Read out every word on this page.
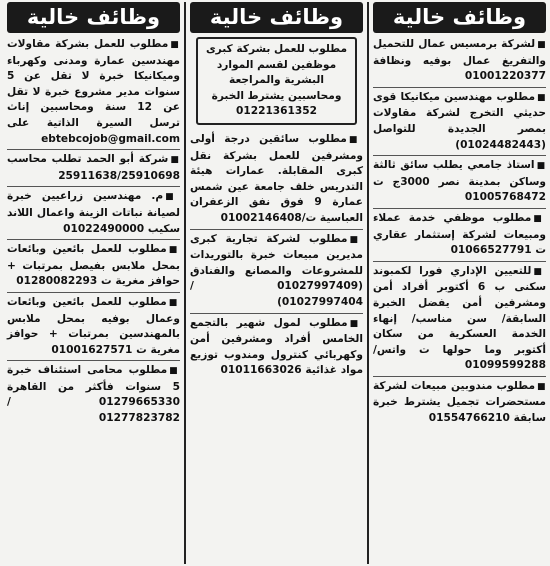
وظائف خالية
■لشركة برمسيس عمال للتحميل والتفريغ عمال بوفيه ونظافة 01001220377
■مطلوب مهندسين ميكانيكا قوى حديثي التخرج لشركة مقاولات بمصر الجديدة للتواصل (01024482443)
■استاذ جامعي يطلب سائق ثالثة وساكن بمدينة نصر 3000ج ت 01005768472
■مطلوب موظفي خدمة عملاء ومبيعات لشركة إستثمار عقاري ت 01066527791
■للتعيين الإداري فورا لكمبوند سكنى ب 6 أكتوبر أفراد أمن ومشرفين أمن يفضل الخبرة السابقة/ سن مناسب/ إنهاء الخدمة العسكرية من سكان أكتوبر وما حولها ت واتس/ 01099599288
■مطلوب مندوبين مبيعات لشركة مستحضرات تجميل يشترط خبرة سابقة 01554766210
وظائف خالية
مطلوب للعمل بشركة كبرى موظفين لقسم الموارد البشرية والمراجعة ومحاسبين يشترط الخبرة 01221361352
■مطلوب سائقين درجة أولى ومشرفين للعمل بشركة نقل كبرى المقابلة. عمارات هيئة التدريس خلف جامعة عين شمس عمارة 9 فوق نفق الزعفران العباسية ت/01002146408
■مطلوب لشركة تجارية كبرى مديرين مبيعات خبرة بالتوريدات للمشروعات والمصانع والفنادق (01027997409 / 01027997404)
■مطلوب لمول شهير بالتجمع الخامس أفراد ومشرفين أمن وكهربائي كنترول ومندوب توزيع مواد غذائية 01011663026
وظائف خالية
■مطلوب للعمل بشركة مقاولات مهندسين عمارة ومدنى وكهرباء وميكانيكا خبرة لا تقل عن 5 سنوات مدير مشروع خبرة لا تقل عن 12 سنة ومحاسبين إناث ترسل السيرة الذاتية على ebtebcojob@gmail.com
■شركة أبو الحمد تطلب محاسب 25911638/25910698
■م. مهندسين زراعيين خبرة لصيانة نباتات الزينة واعمال اللاند سكيب 01022490000
■مطلوب للعمل بائعين وبائعات بمحل ملابس بفيصل بمرتبات + حوافز مغرية ت 01280082293
■مطلوب للعمل بائعين وبائعات وعمال بوفيه بمحل ملابس بالمهندسين بمرتبات + حوافز مغرية ت 01001627571
■مطلوب محامى استئناف خبرة 5 سنوات فأكثر من القاهرة 01279665330 / 01277823782
